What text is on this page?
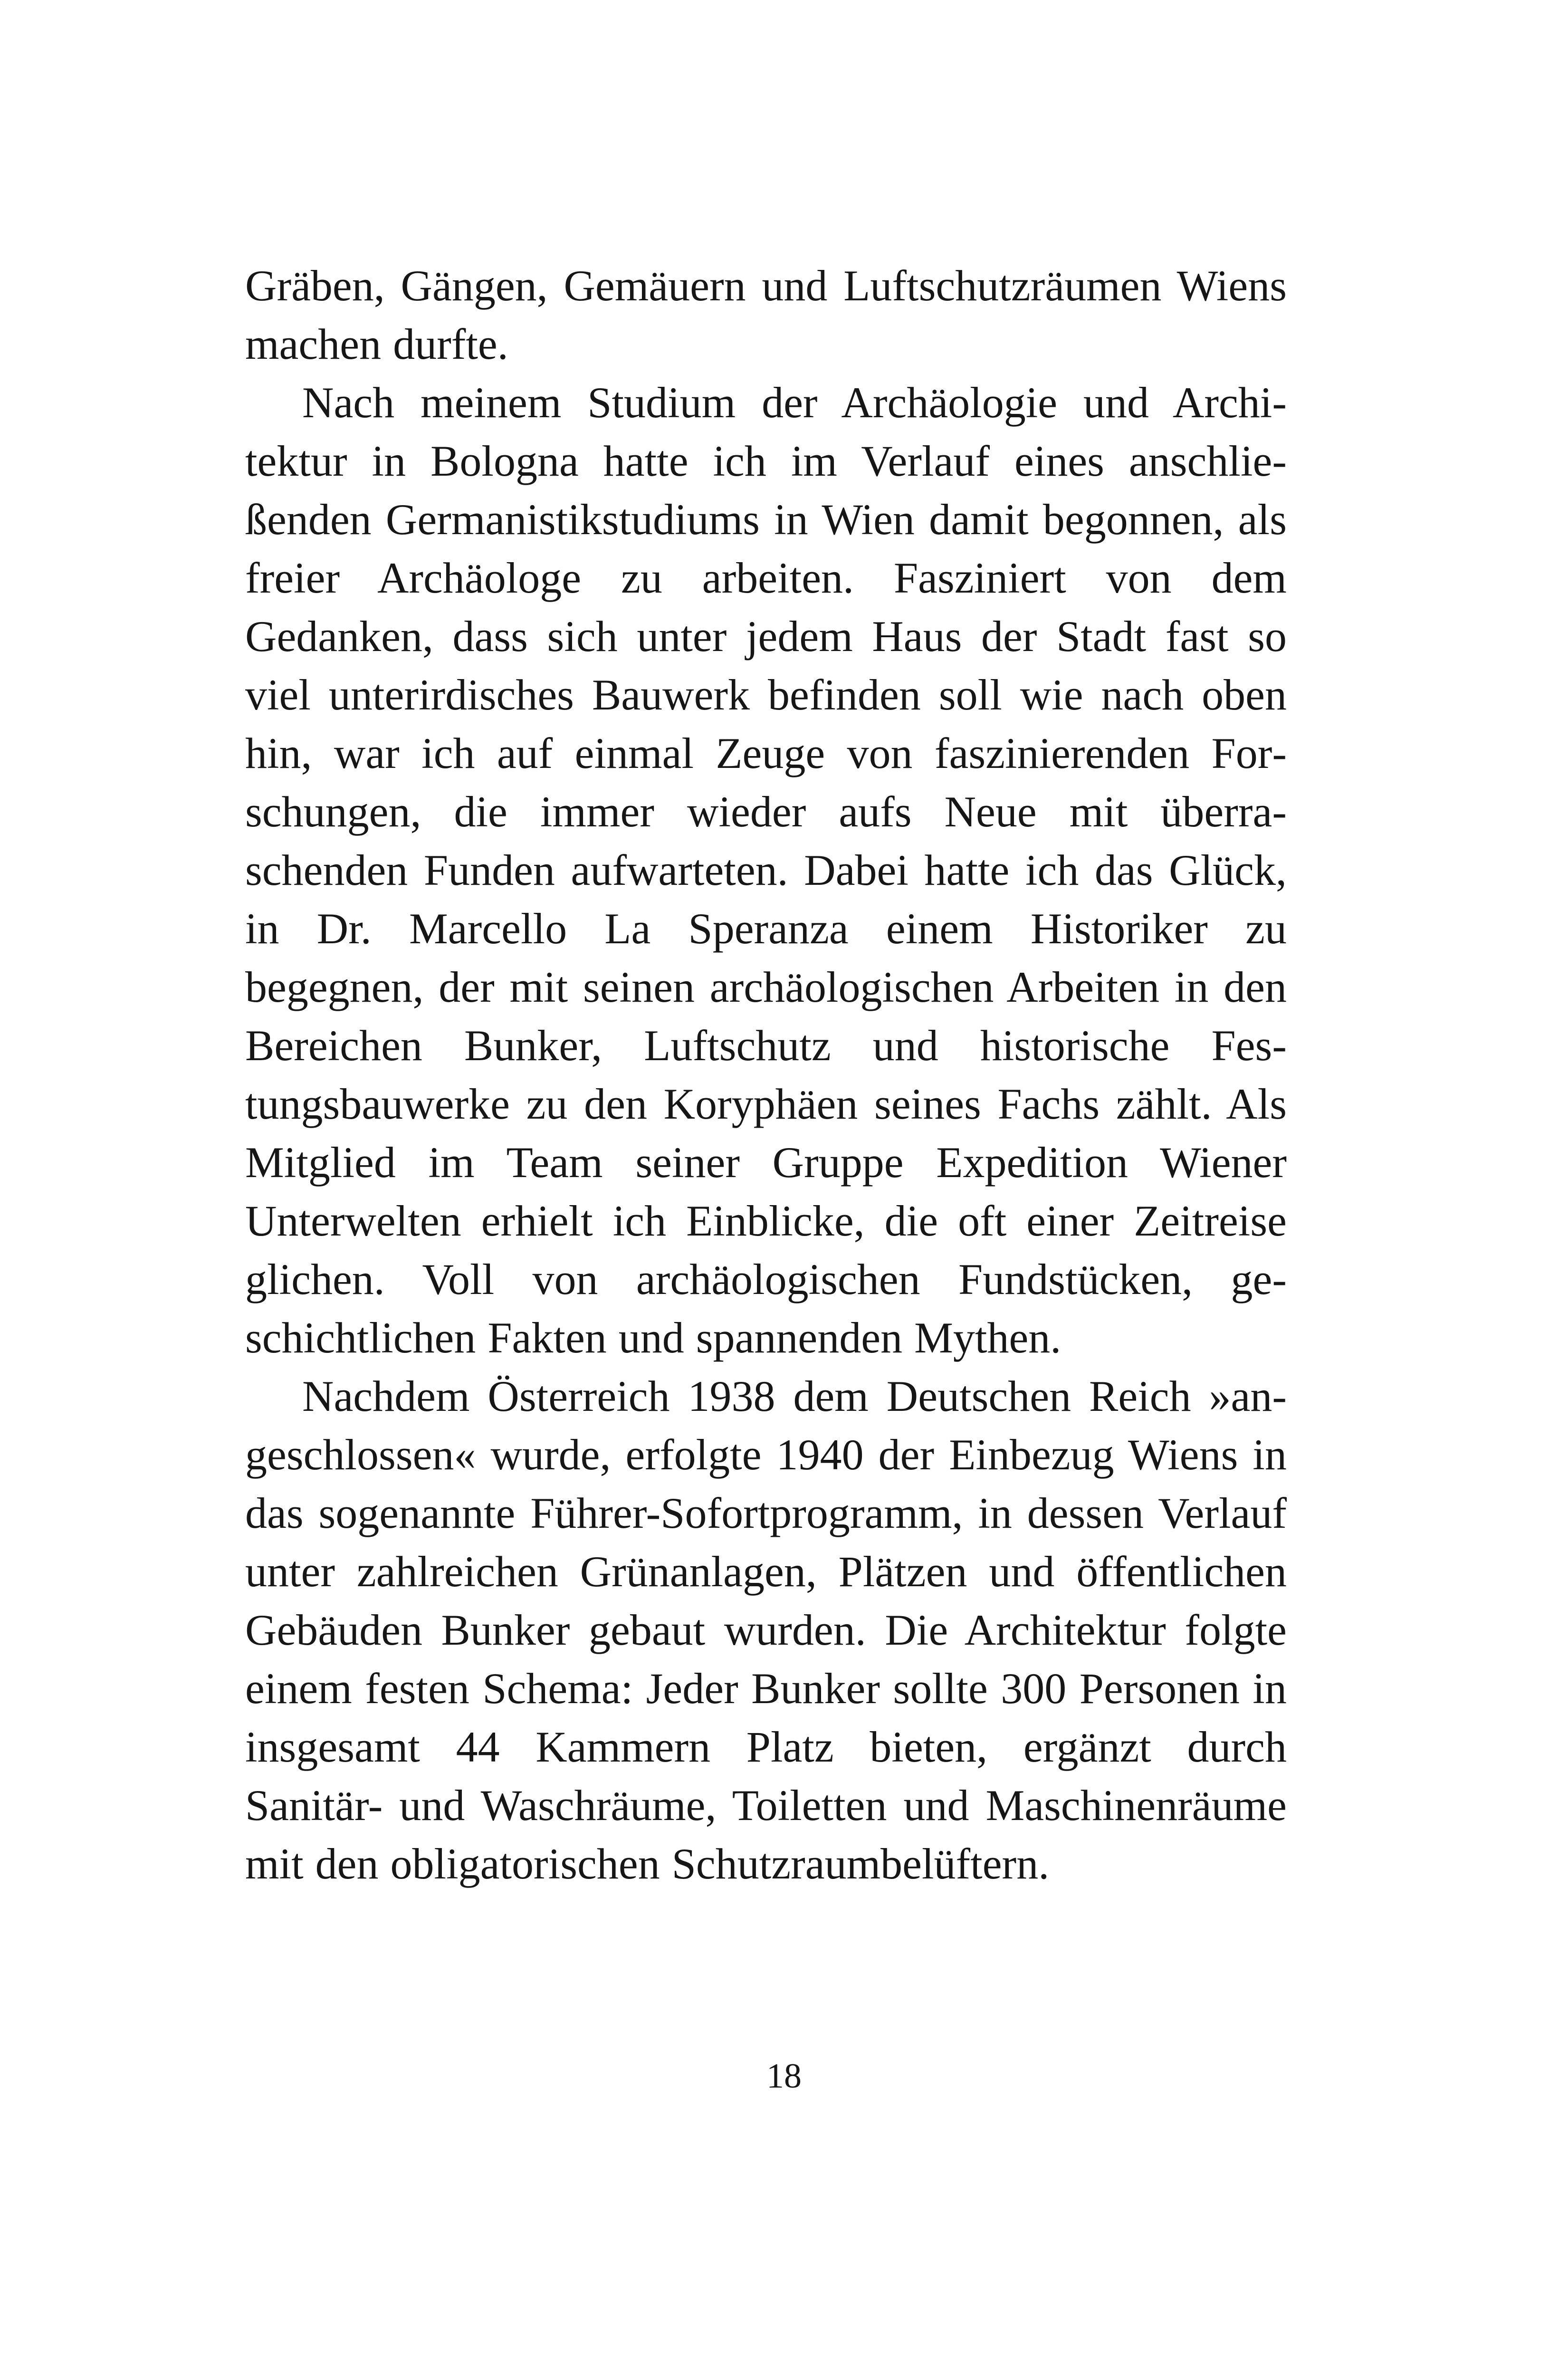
Gräben, Gängen, Gemäuern und Luftschutzräumen Wiens machen durfte.

Nach meinem Studium der Archäologie und Architektur in Bologna hatte ich im Verlauf eines anschließenden Germanistikstudiums in Wien damit begonnen, als freier Archäologe zu arbeiten. Fasziniert von dem Gedanken, dass sich unter jedem Haus der Stadt fast so viel unterirdisches Bauwerk befinden soll wie nach oben hin, war ich auf einmal Zeuge von faszinierenden Forschungen, die immer wieder aufs Neue mit überraschenden Funden aufwarteten. Dabei hatte ich das Glück, in Dr. Marcello La Speranza einem Historiker zu begegnen, der mit seinen archäologischen Arbeiten in den Bereichen Bunker, Luftschutz und historische Festungsbauwerke zu den Koryphäen seines Fachs zählt. Als Mitglied im Team seiner Gruppe Expedition Wiener Unterwelten erhielt ich Einblicke, die oft einer Zeitreise glichen. Voll von archäologischen Fundstücken, geschichtlichen Fakten und spannenden Mythen.

Nachdem Österreich 1938 dem Deutschen Reich »angeschlossen« wurde, erfolgte 1940 der Einbezug Wiens in das sogenannte Führer-Sofortprogramm, in dessen Verlauf unter zahlreichen Grünanlagen, Plätzen und öffentlichen Gebäuden Bunker gebaut wurden. Die Architektur folgte einem festen Schema: Jeder Bunker sollte 300 Personen in insgesamt 44 Kammern Platz bieten, ergänzt durch Sanitär- und Waschräume, Toiletten und Maschinenräume mit den obligatorischen Schutzraumbelüftern.

18
